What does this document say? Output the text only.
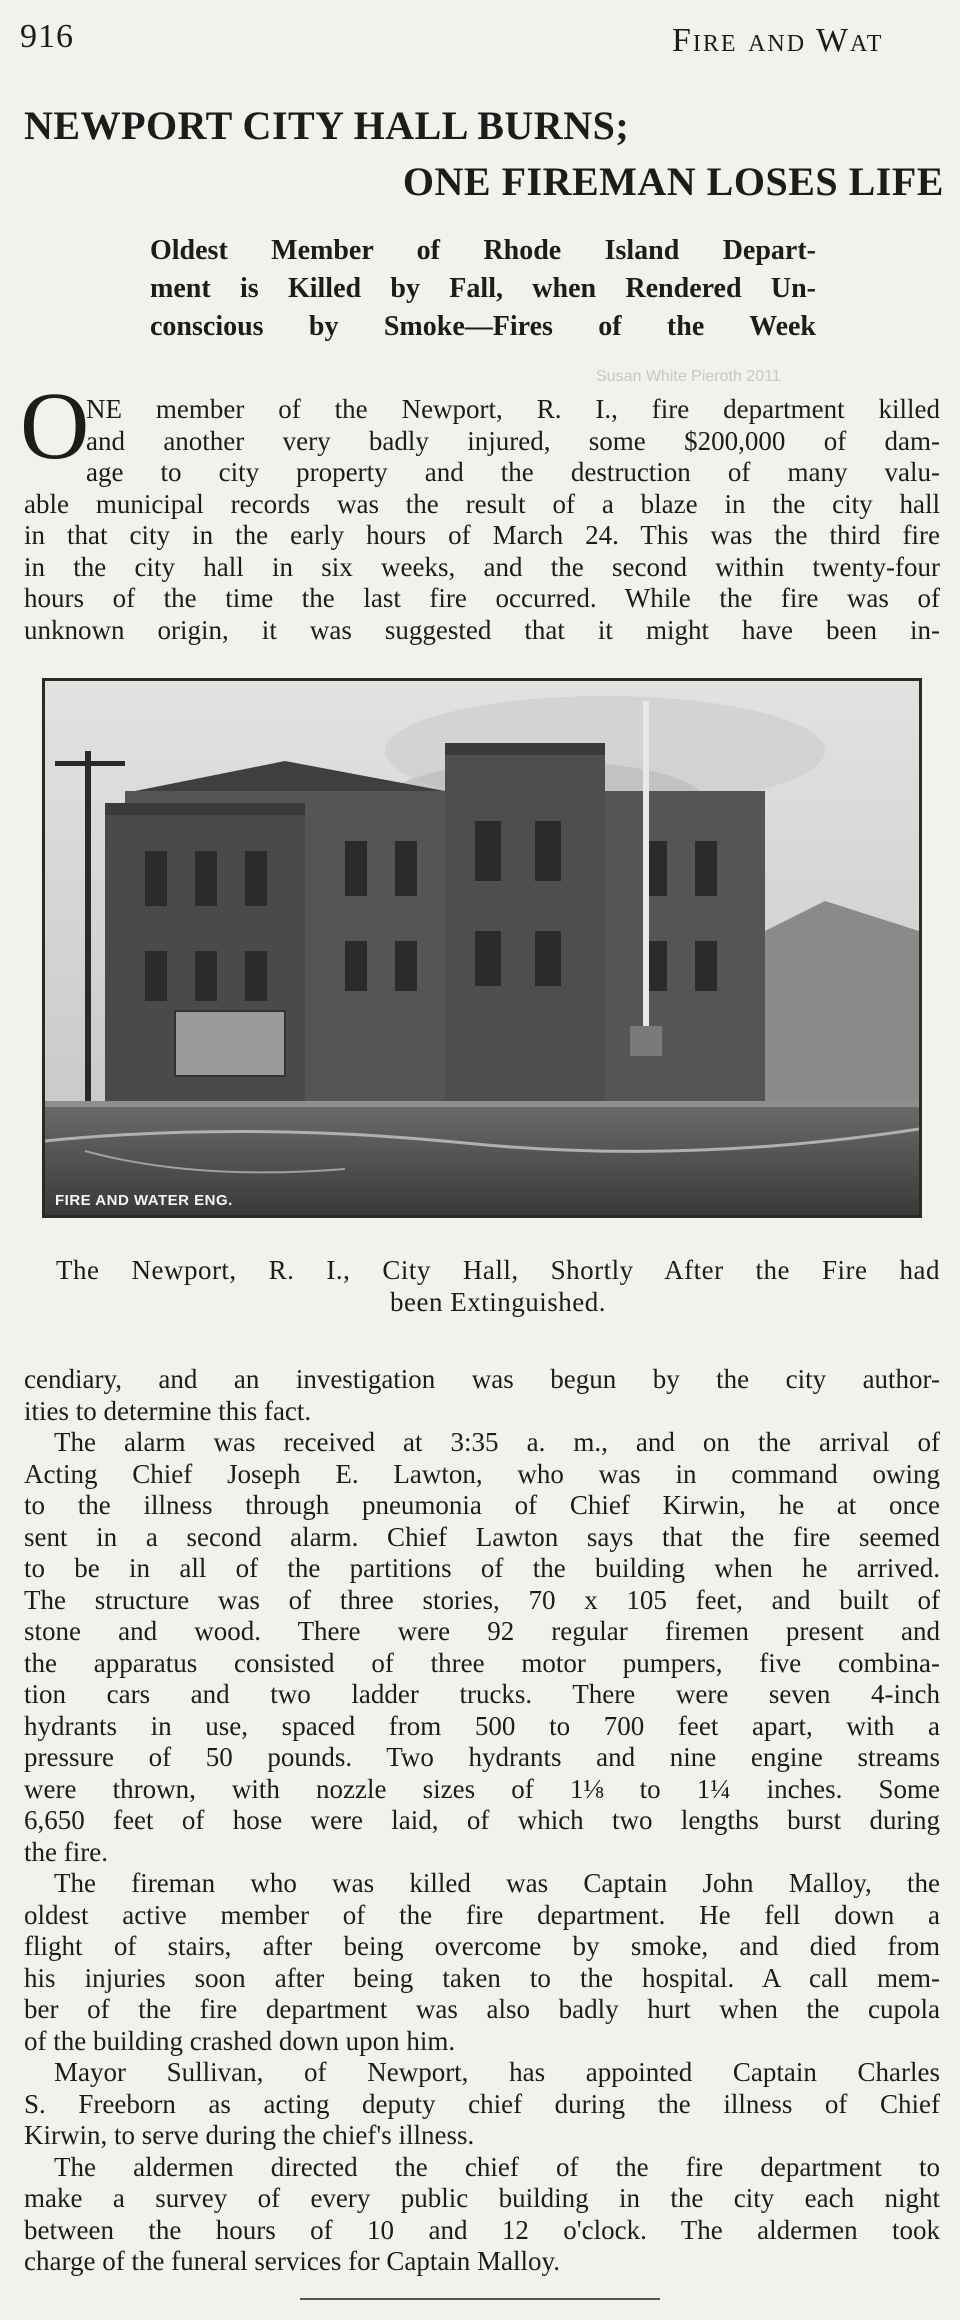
916	Fire and Wat
NEWPORT CITY HALL BURNS;
ONE FIREMAN LOSES LIFE
Oldest Member of Rhode Island Depart-
ment is Killed by Fall, when Rendered Un-
conscious by Smoke—Fires of the Week
Susan White Pieroth 2011
O
NE member of the Newport, R. I., fire department killed
and another very badly injured, some $200,000 of dam-
age to city property and the destruction of many valu-
able municipal records was the result of a blaze in the city hall
in that city in the early hours of March 24. This was the third fire
in the city hall in six weeks, and the second within twenty-four
hours of the time the last fire occurred. While the fire was of
unknown origin, it was suggested that it might have been in-
FIRE AND WATER ENG.
The Newport, R. I., City Hall, Shortly After the Fire had
been Extinguished.
cendiary, and an investigation was begun by the city author-
ities to determine this fact.
The alarm was received at 3:35 a. m., and on the arrival of
Acting Chief Joseph E. Lawton, who was in command owing
to the illness through pneumonia of Chief Kirwin, he at once
sent in a second alarm. Chief Lawton says that the fire seemed
to be in all of the partitions of the building when he arrived.
The structure was of three stories, 70 x 105 feet, and built of
stone and wood. There were 92 regular firemen present and
the apparatus consisted of three motor pumpers, five combina-
tion cars and two ladder trucks. There were seven 4-inch
hydrants in use, spaced from 500 to 700 feet apart, with a
pressure of 50 pounds. Two hydrants and nine engine streams
were thrown, with nozzle sizes of 1⅛ to 1¼ inches. Some
6,650 feet of hose were laid, of which two lengths burst during
the fire.
The fireman who was killed was Captain John Malloy, the
oldest active member of the fire department. He fell down a
flight of stairs, after being overcome by smoke, and died from
his injuries soon after being taken to the hospital. A call mem-
ber of the fire department was also badly hurt when the cupola
of the building crashed down upon him.
Mayor Sullivan, of Newport, has appointed Captain Charles
S. Freeborn as acting deputy chief during the illness of Chief
Kirwin, to serve during the chief's illness.
The aldermen directed the chief of the fire department to
make a survey of every public building in the city each night
between the hours of 10 and 12 o'clock. The aldermen took
charge of the funeral services for Captain Malloy.
